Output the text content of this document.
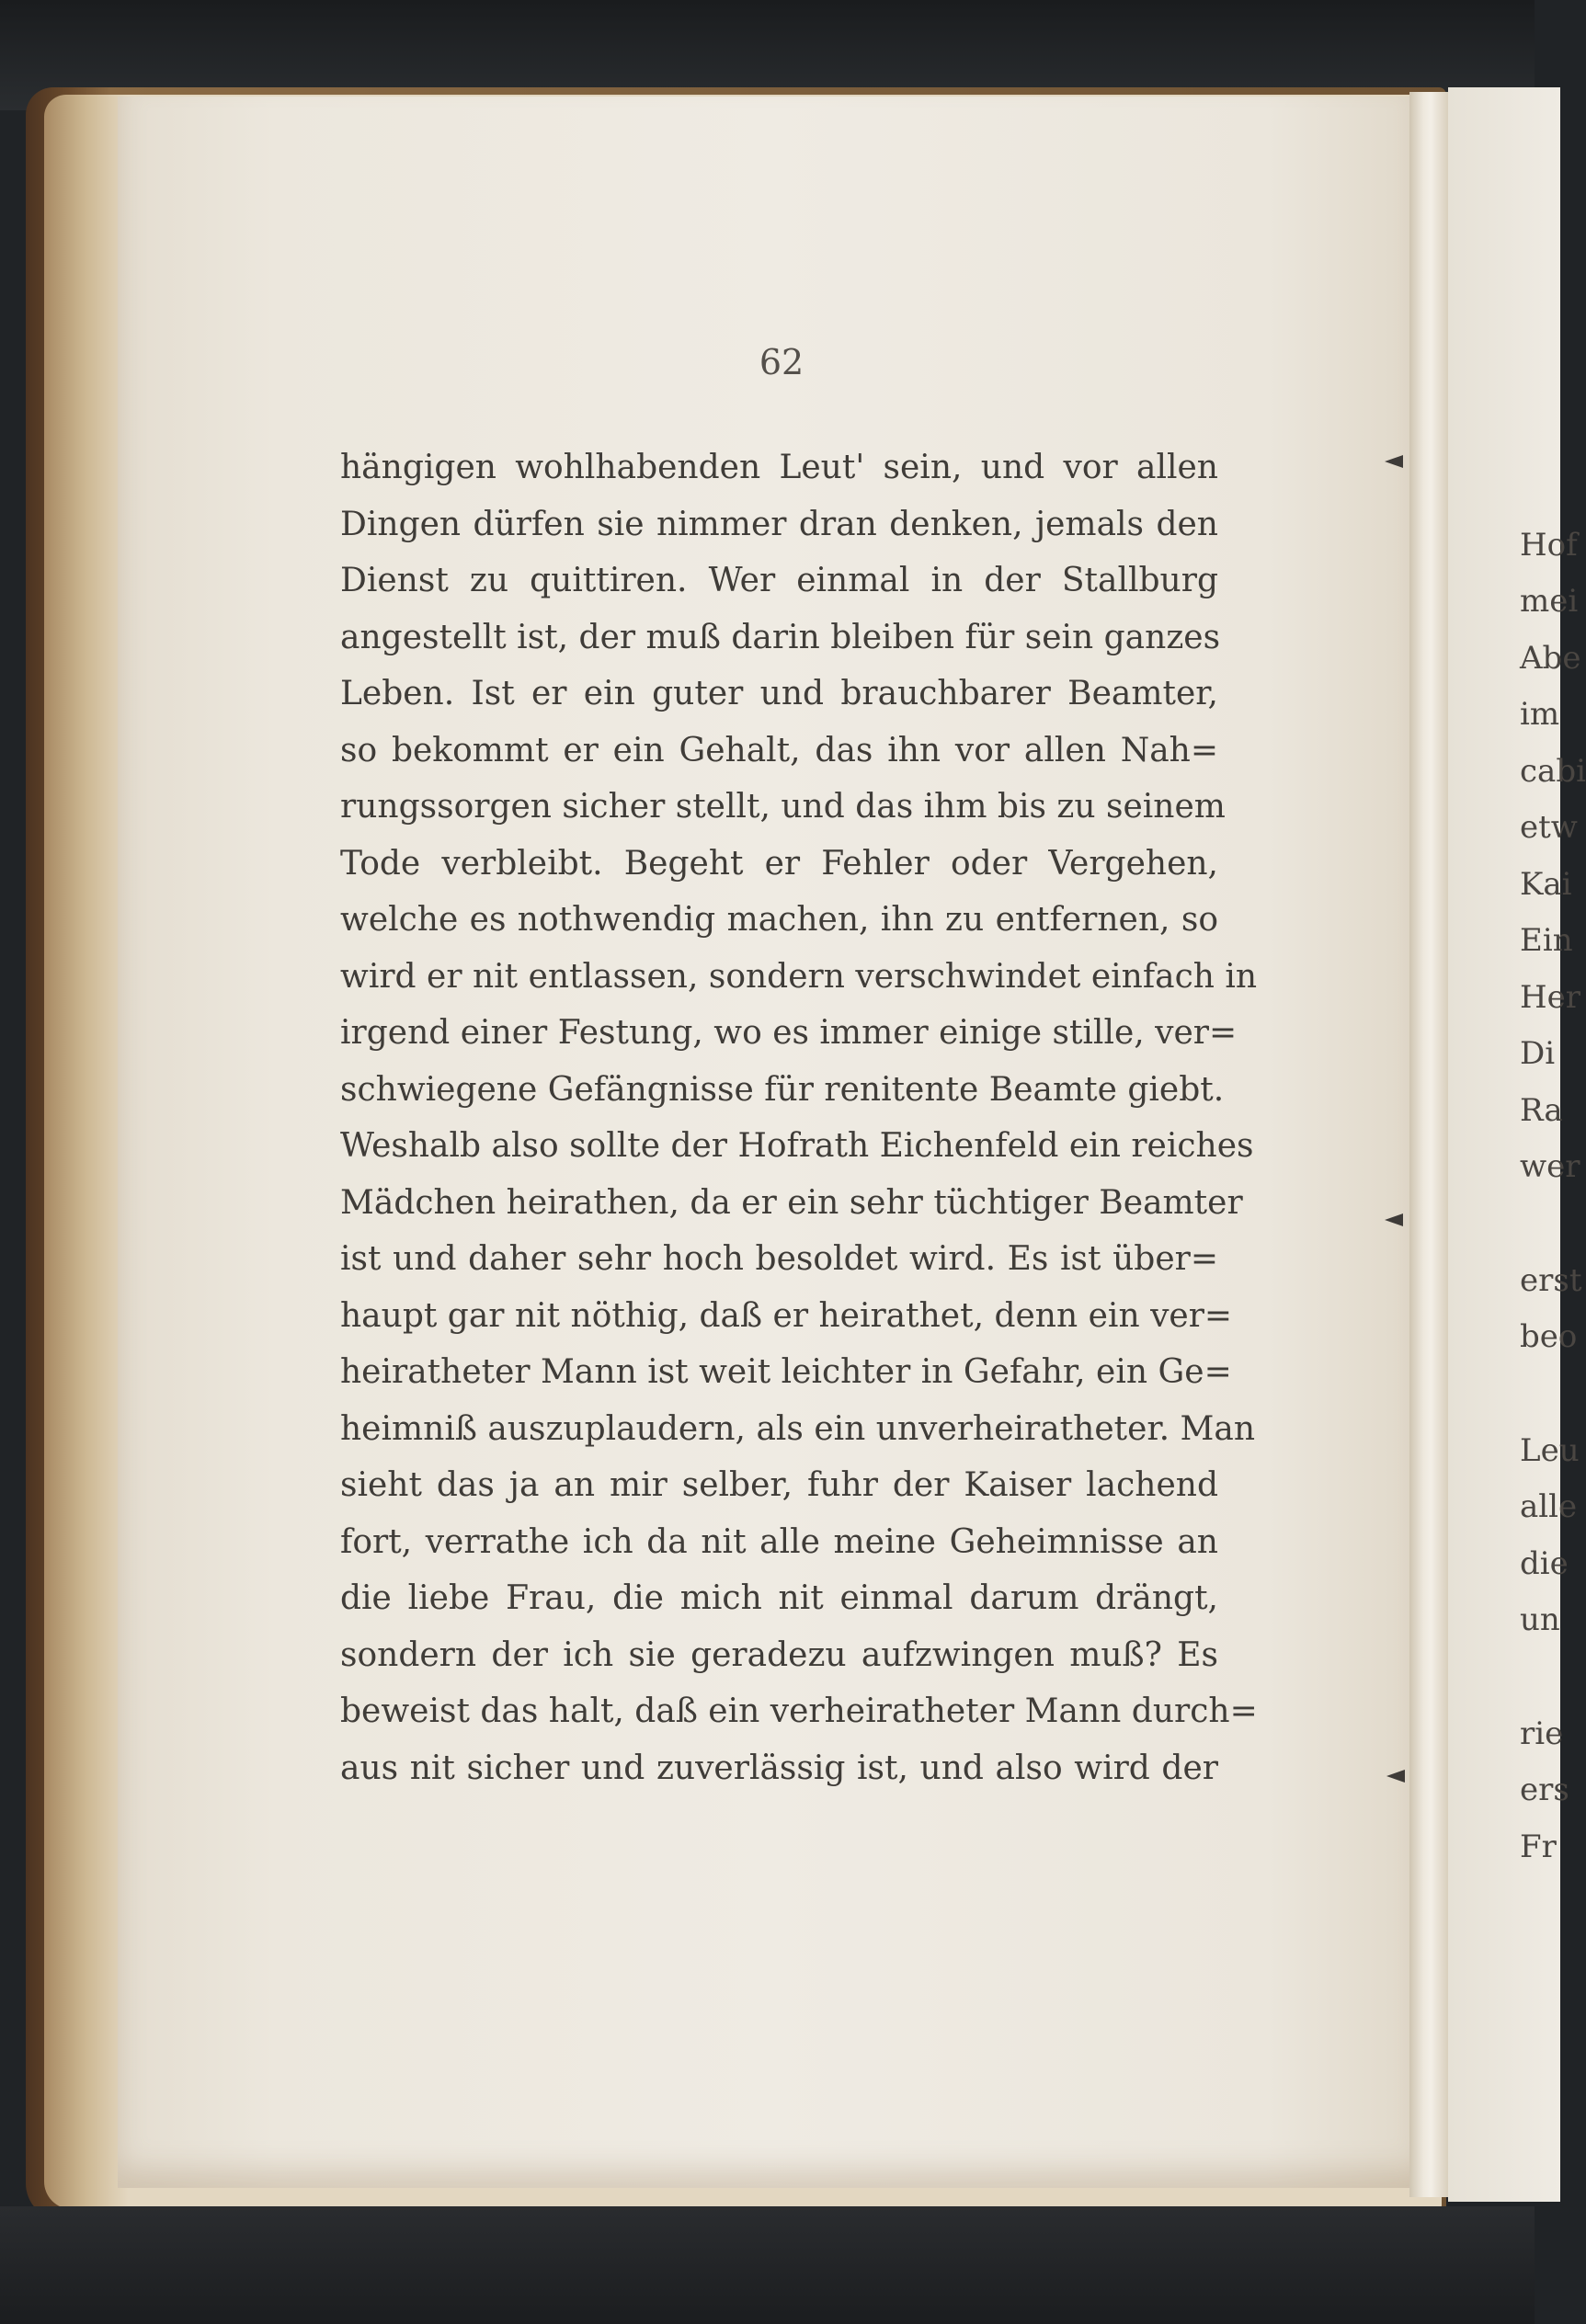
Hof
mei
Abe
im
cabi
etw
Kai
Ein
Her
Di
Ra
wer
erst
beo
Leu
alle
die
un
rie
ers
Fr
62
hängigen wohlhabenden Leut' sein, und vor allen
Dingen dürfen sie nimmer dran denken, jemals den
Dienst zu quittiren. Wer einmal in der Stallburg
angestellt ist, der muß darin bleiben für sein ganzes
Leben. Ist er ein guter und brauchbarer Beamter,
so bekommt er ein Gehalt, das ihn vor allen Nah=
rungssorgen sicher stellt, und das ihm bis zu seinem
Tode verbleibt. Begeht er Fehler oder Vergehen,
welche es nothwendig machen, ihn zu entfernen, so
wird er nit entlassen, sondern verschwindet einfach in
irgend einer Festung, wo es immer einige stille, ver=
schwiegene Gefängnisse für renitente Beamte giebt.
Weshalb also sollte der Hofrath Eichenfeld ein reiches
Mädchen heirathen, da er ein sehr tüchtiger Beamter
ist und daher sehr hoch besoldet wird. Es ist über=
haupt gar nit nöthig, daß er heirathet, denn ein ver=
heiratheter Mann ist weit leichter in Gefahr, ein Ge=
heimniß auszuplaudern, als ein unverheiratheter. Man
sieht das ja an mir selber, fuhr der Kaiser lachend
fort, verrathe ich da nit alle meine Geheimnisse an
die liebe Frau, die mich nit einmal darum drängt,
sondern der ich sie geradezu aufzwingen muß? Es
beweist das halt, daß ein verheiratheter Mann durch=
aus nit sicher und zuverlässig ist, und also wird der
